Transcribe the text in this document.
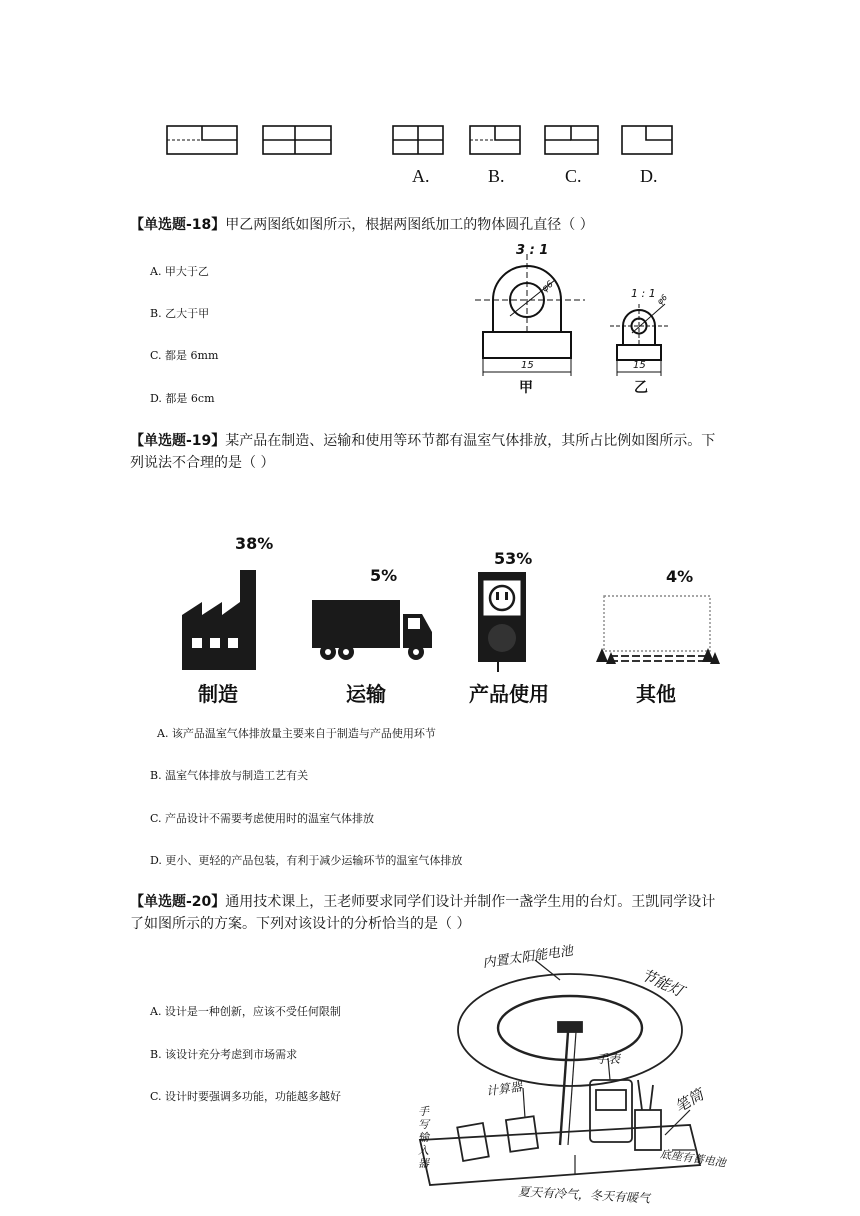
A.	B.	C.	D.
【单选题-18】甲乙两图纸如图所示，根据两图纸加工的物体圆孔直径（ ）
A. 甲大于乙
B. 乙大于甲
C. 都是 6mm
D. 都是 6cm
3 : 1
1 : 1
φ6
φ6
15	15
甲	乙
【单选题-19】某产品在制造、运输和使用等环节都有温室气体排放，其所占比例如图所示。下列说法不合理的是（ ）
制造
38%
运输
5%
产品使用
53%
其他
4%
A. 该产品温室气体排放量主要来自于制造与产品使用环节
B. 温室气体排放与制造工艺有关
C. 产品设计不需要考虑使用时的温室气体排放
D. 更小、更轻的产品包装，有利于减少运输环节的温室气体排放
【单选题-20】通用技术课上，王老师要求同学们设计并制作一盏学生用的台灯。王凯同学设计了如图所示的方案。下列对该设计的分析恰当的是（ ）
A. 设计是一种创新，应该不受任何限制
B. 该设计充分考虑到市场需求
C. 设计时要强调多功能，功能越多越好
内置太阳能电池
节能灯
手表
计算器
手写输入器
笔筒
底座有蓄电池
夏天有冷气，冬天有暖气
